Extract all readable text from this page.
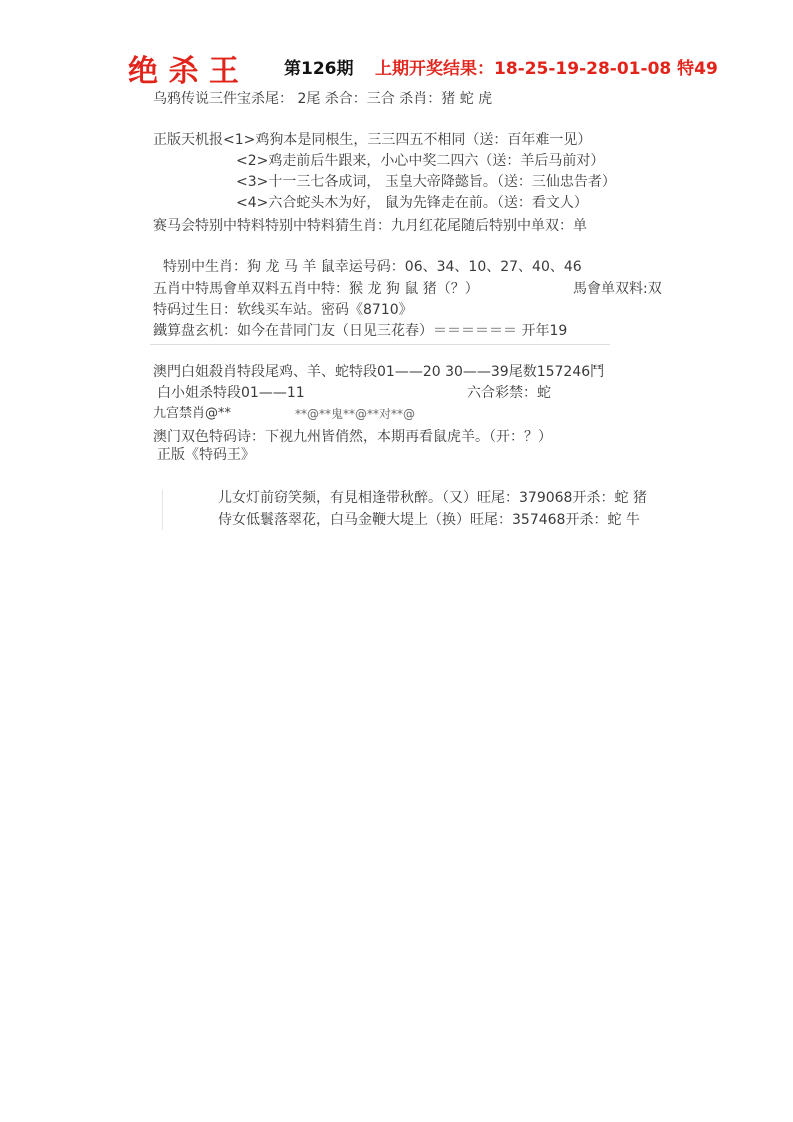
绝 杀 王	第126期 上期开奖结果：18-25-19-28-01-08 特49
乌鸦传说三件宝杀尾： 2尾 杀合：三合 杀肖：猪 蛇 虎
正版天机报<1>鸡狗本是同根生，三三四五不相同（送：百年难一见）
<2>鸡走前后牛跟来，小心中奖二四六（送：羊后马前对）
<3>十一三七各成词， 玉皇大帝降懿旨。（送：三仙忠告者）
<4>六合蛇头木为好， 鼠为先锋走在前。（送：看文人）
赛马会特别中特料特别中特料猜生肖：九月红花尾随后特别中单双：单
特别中生肖：狗 龙 马 羊 鼠幸运号码：06、34、10、27、40、46
五肖中特馬會单双料五肖中特：猴 龙 狗 鼠 猪（？）	馬會单双料:双
特码过生日：软线买车站。密码《8710》
鐵算盘玄机：如今在昔同门友（日见三花春）＝＝＝＝＝＝ 开年19
澳門白姐殺肖特段尾鸡、羊、蛇特段01——20 30——39尾数157246鬥
白小姐杀特段01——11	六合彩禁：蛇
九宫禁肖@**	**@**鬼**@**对**@
澳门双色特码诗：下视九州皆俏然，本期再看鼠虎羊。（开：？）
正版《特码王》
儿女灯前窃笑频，有見相逢带秋醉。（又）旺尾：379068开杀：蛇 猪
侍女低鬟落翠花，白马金鞭大堤上（换）旺尾：357468开杀：蛇 牛
